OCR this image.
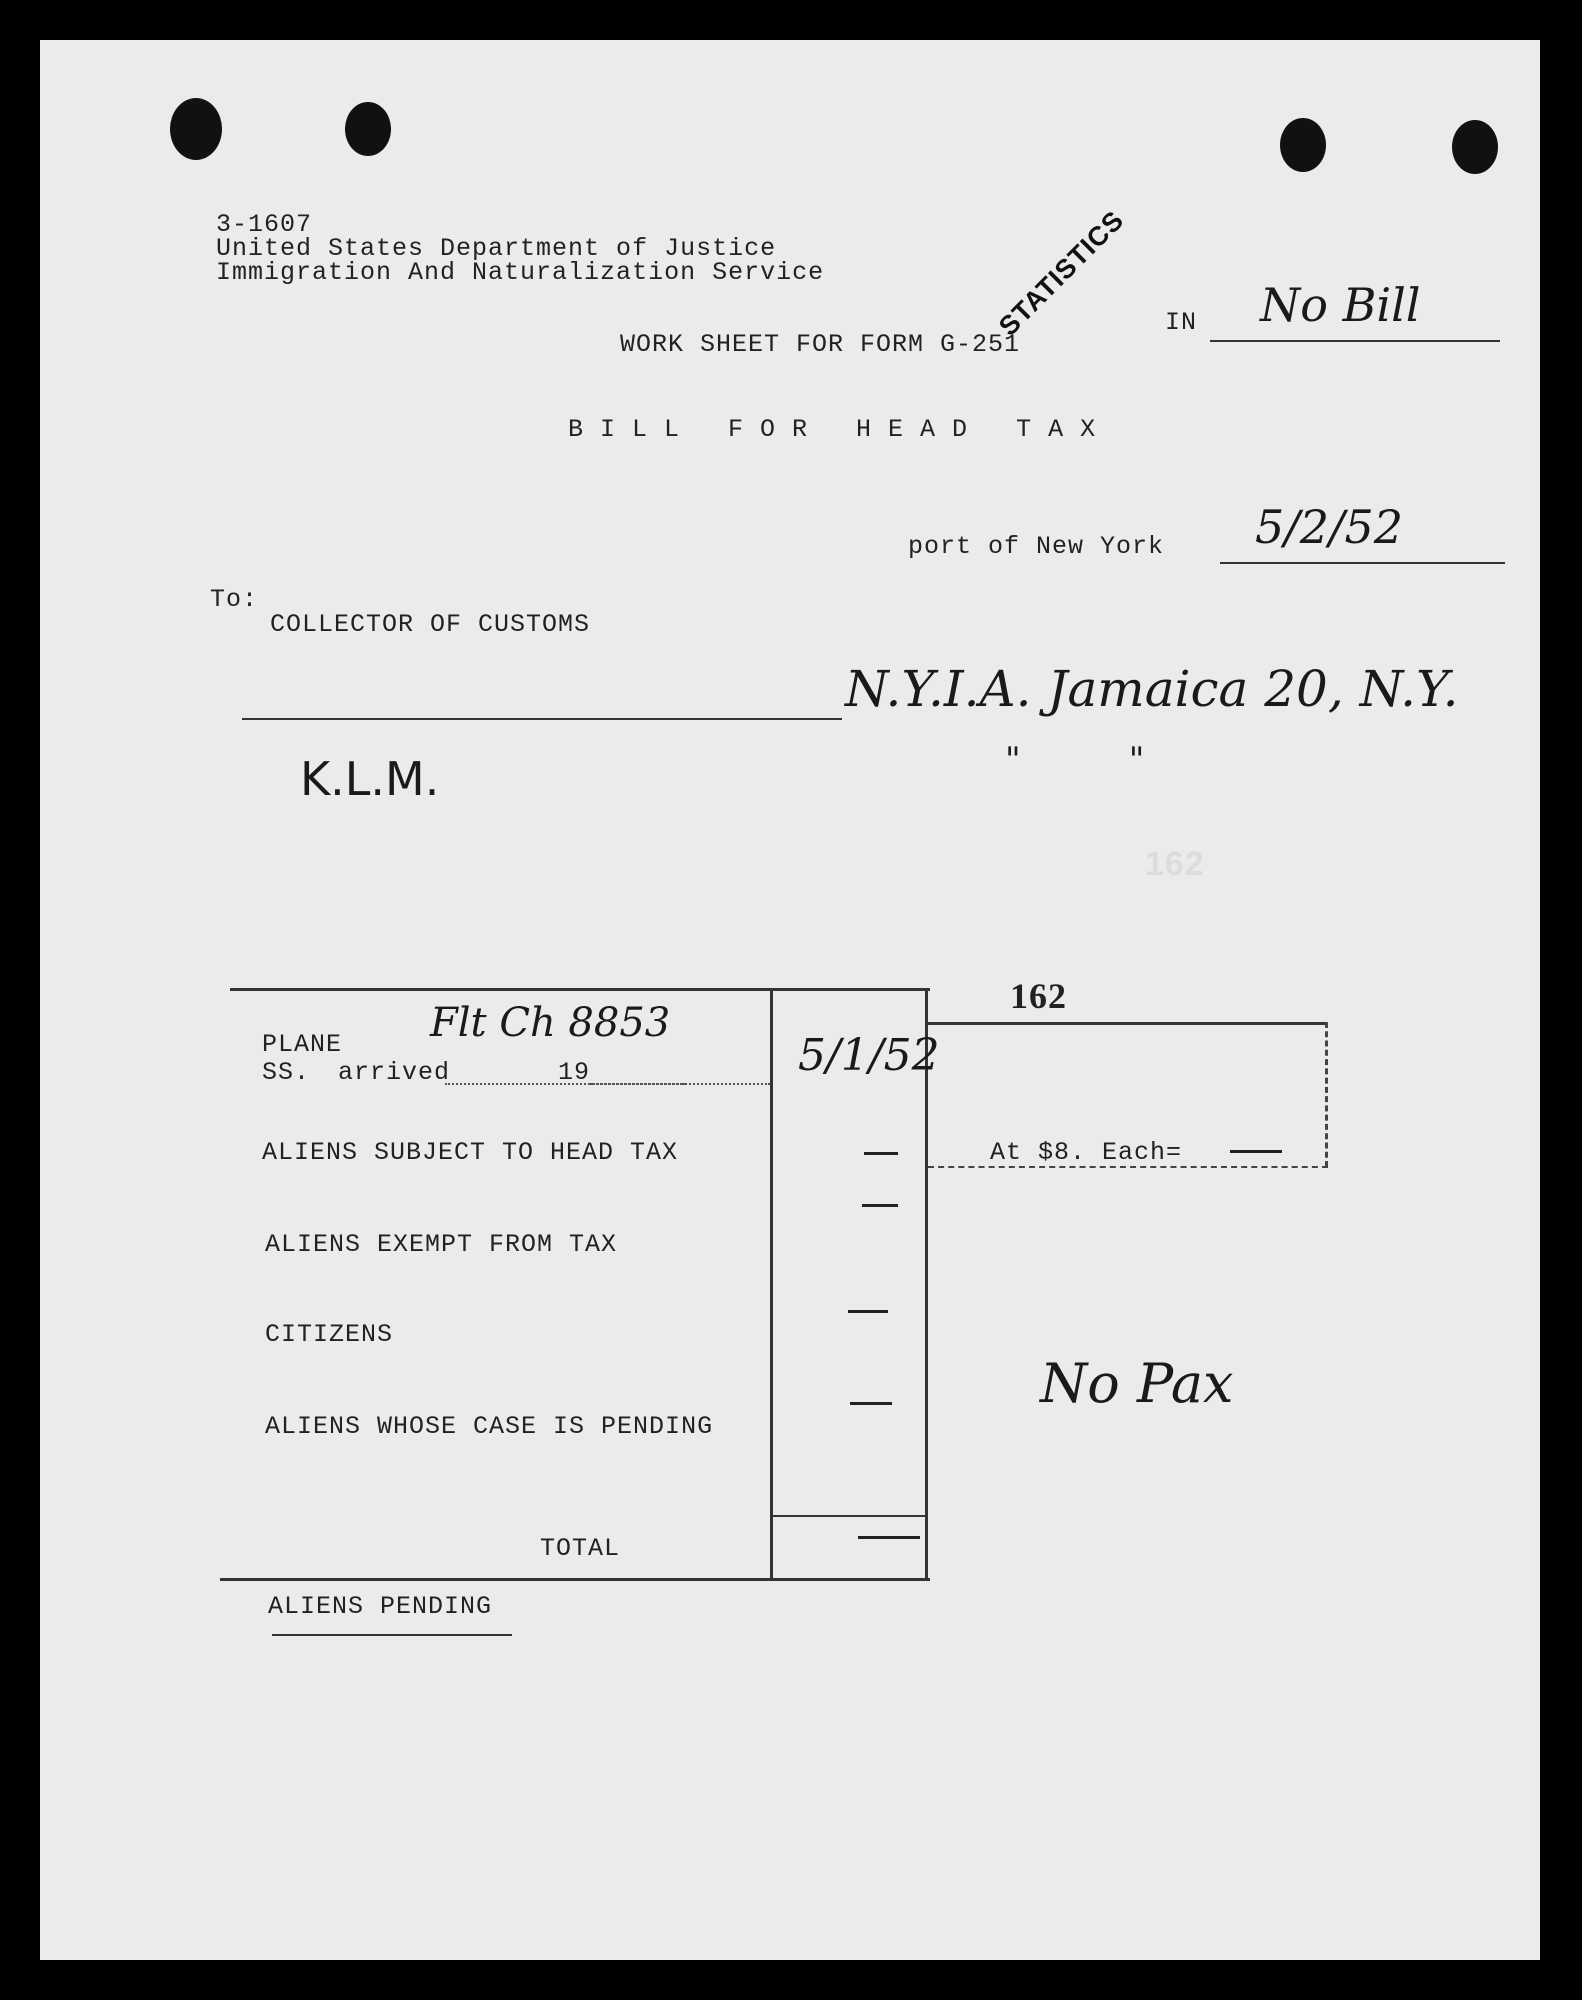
3-1607
United States Department of Justice
Immigration And Naturalization Service	STATISTICS IN No Bill
WORK SHEET FOR FORM G-251
B I L L   F O R   H E A D   T A X
port of New York 5/2/52
To:
COLLECTOR OF CUSTOMS
N.Y.I.A. Jamaica 20, N.Y.
"          "
K.L.M.
162
162
At $8. Each=
PLANE Flt Ch 8853
5/1/52
SS. arrived	19
ALIENS SUBJECT TO HEAD TAX
ALIENS EXEMPT FROM TAX
CITIZENS
ALIENS WHOSE CASE IS PENDING
TOTAL
No Pax
ALIENS PENDING
